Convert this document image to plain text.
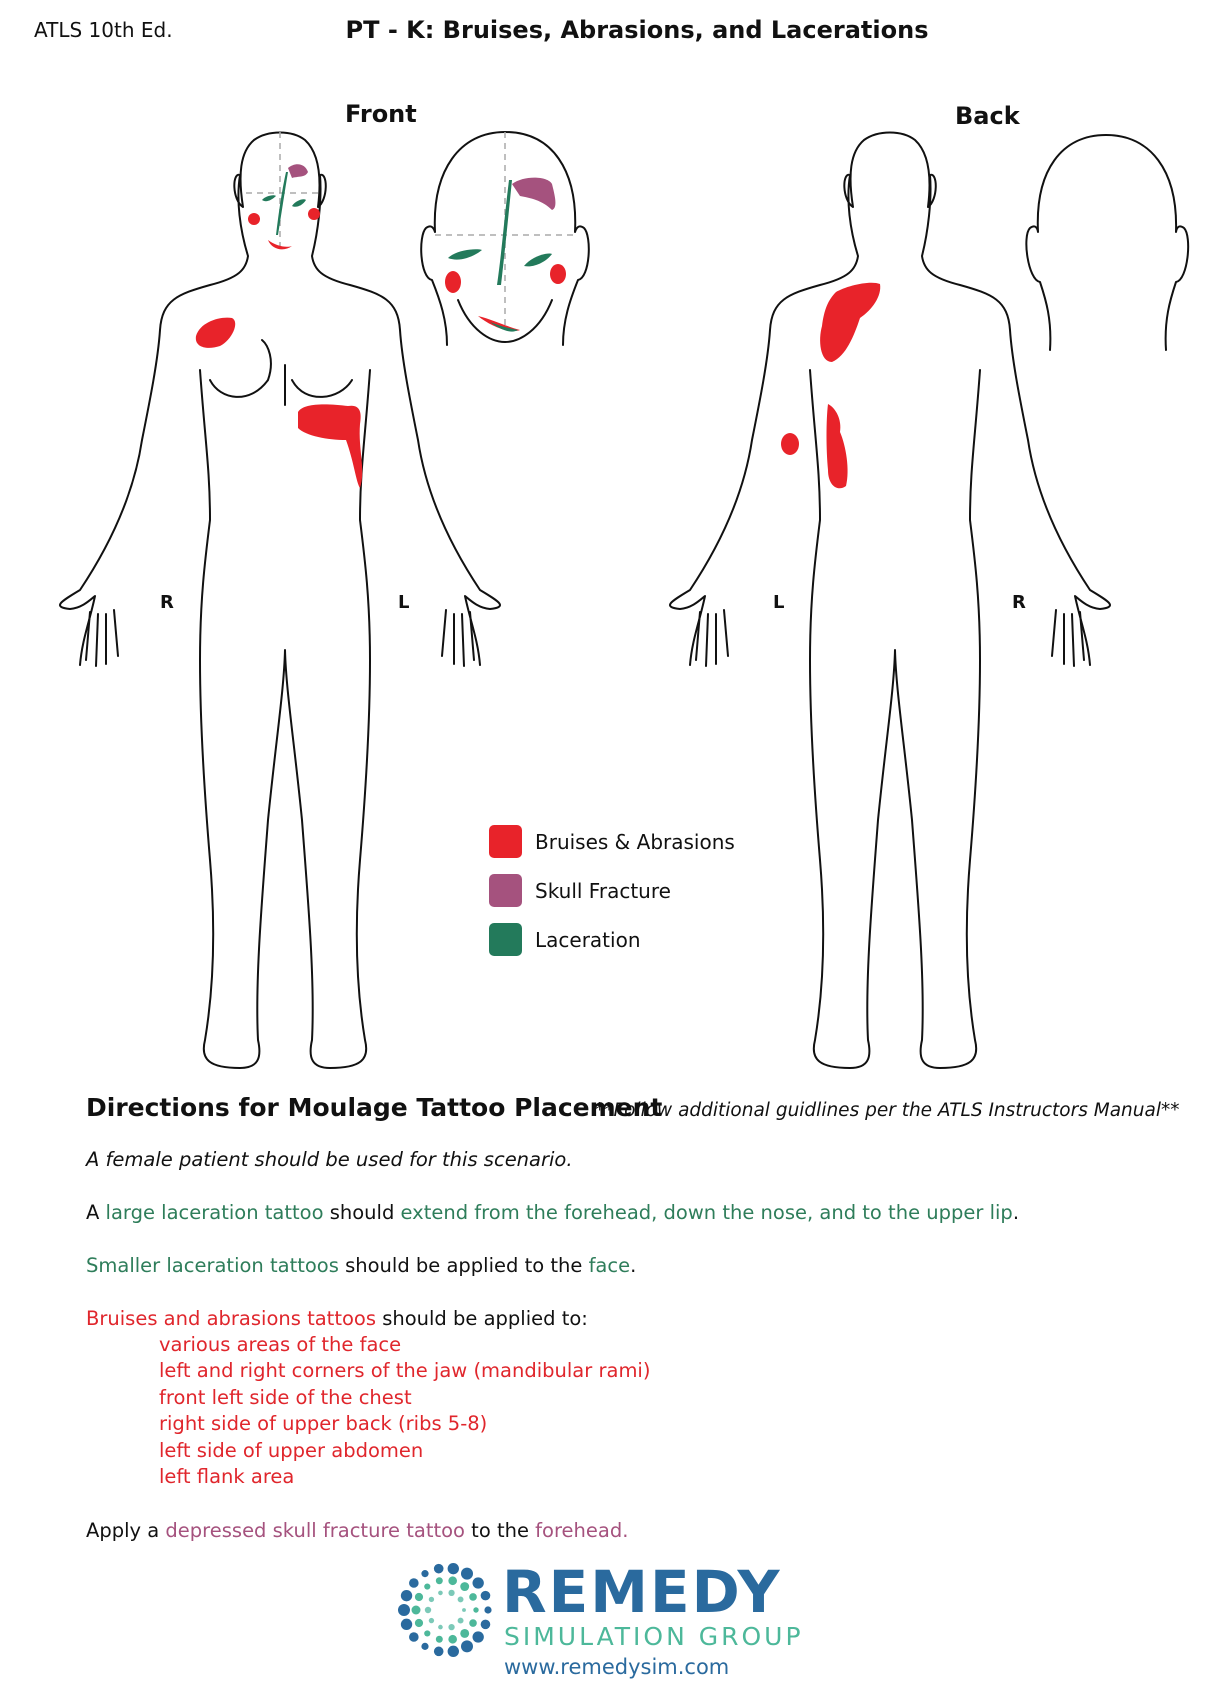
ATLS 10th Ed.	PT - K: Bruises, Abrasions, and Lacerations
Front	Back
R	L	L	R
Bruises & Abrasions
Skull Fracture
Laceration
Directions for Moulage Tattoo Placement
**Follow additional guidlines per the ATLS Instructors Manual**
A female patient should be used for this scenario.
A large laceration tattoo should extend from the forehead, down the nose, and to the upper lip.
Smaller laceration tattoos should be applied to the face.
Bruises and abrasions tattoos should be applied to:
various areas of the face
left and right corners of the jaw (mandibular rami)
front left side of the chest
right side of upper back (ribs 5-8)
left side of upper abdomen
left flank area
Apply a depressed skull fracture tattoo to the forehead.
REMEDY
SIMULATION GROUP
www.remedysim.com
